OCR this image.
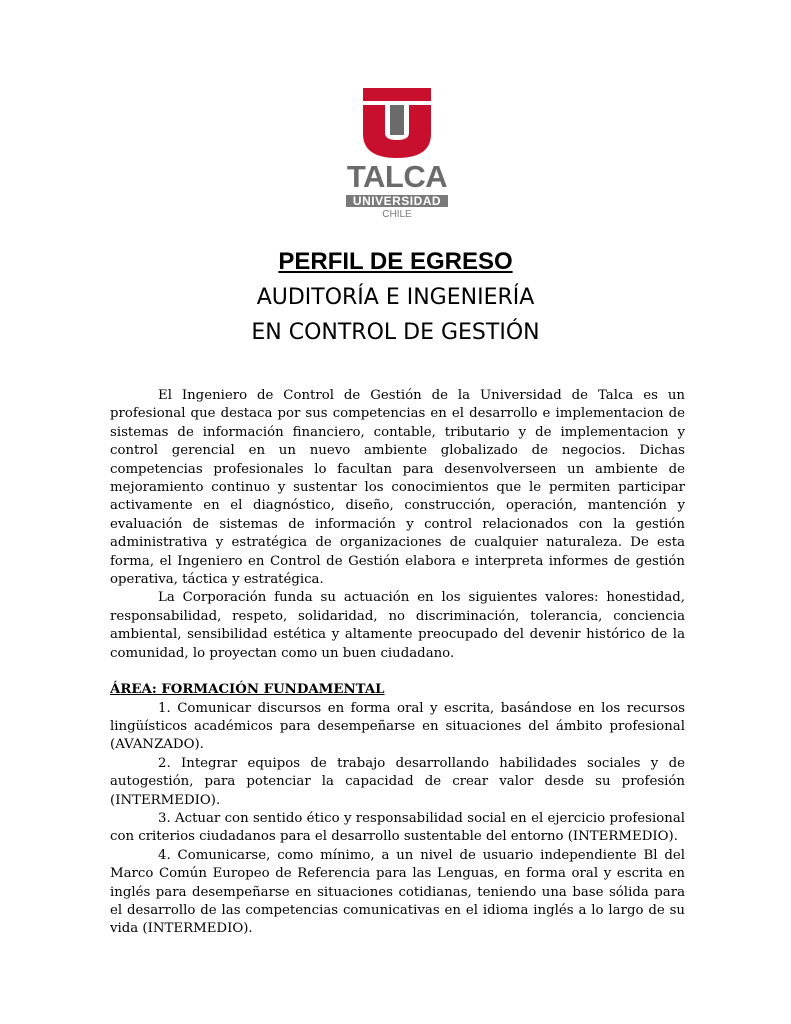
TALCA
UNIVERSIDAD
CHILE
PERFIL DE EGRESO
AUDITORÍA E INGENIERÍA
EN CONTROL DE GESTIÓN

El Ingeniero de Control de Gestión de la Universidad de Talca es un profesional que destaca por sus competencias en el desarrollo e implementacion de sistemas de información financiero, contable, tributario y de implementacion y control gerencial en un nuevo ambiente globalizado de negocios. Dichas competencias profesionales lo facultan para desenvolverseen un ambiente de mejoramiento continuo y sustentar los conocimientos que le permiten participar activamente en el diagnóstico, diseño, construcción, operación, mantención y evaluación de sistemas de información y control relacionados con la gestión administrativa y estratégica de organizaciones de cualquier naturaleza. De esta forma, el Ingeniero en Control de Gestión elabora e interpreta informes de gestión operativa, táctica y estratégica.

La Corporación funda su actuación en los siguientes valores: honestidad, responsabilidad, respeto, solidaridad, no discriminación, tolerancia, conciencia ambiental, sensibilidad estética y altamente preocupado del devenir histórico de la comunidad, lo proyectan como un buen ciudadano.

ÁREA: FORMACIÓN FUNDAMENTAL

1. Comunicar discursos en forma oral y escrita, basándose en los recursos lingüísticos académicos para desempeñarse en situaciones del ámbito profesional (AVANZADO).

2. Integrar equipos de trabajo desarrollando habilidades sociales y de autogestión, para potenciar la capacidad de crear valor desde su profesión (INTERMEDIO).

3. Actuar con sentido ético y responsabilidad social en el ejercicio profesional con criterios ciudadanos para el desarrollo sustentable del entorno (INTERMEDIO).

4. Comunicarse, como mínimo, a un nivel de usuario independiente Bl del Marco Común Europeo de Referencia para las Lenguas, en forma oral y escrita en inglés para desempeñarse en situaciones cotidianas, teniendo una base sólida para el desarrollo de las competencias comunicativas en el idioma inglés a lo largo de su vida (INTERMEDIO).
